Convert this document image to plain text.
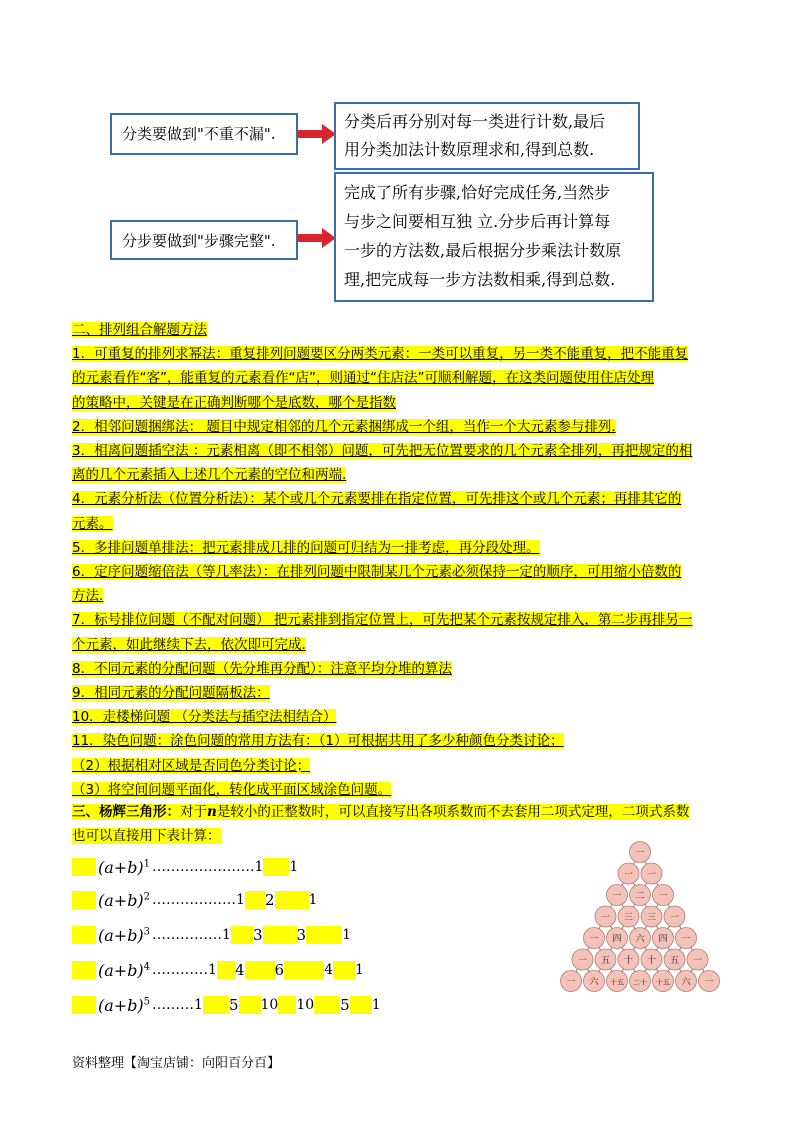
分类要做到"不重不漏".
分类后再分别对每一类进行计数,最后
用分类加法计数原理求和,得到总数.
分步要做到"步骤完整".
完成了所有步骤,恰好完成任务,当然步
与步之间要相互独 立.分步后再计算每
一步的方法数,最后根据分步乘法计数原
理,把完成每一步方法数相乘,得到总数.
二、排列组合解题方法
1．可重复的排列求幂法：重复排列问题要区分两类元素：一类可以重复，另一类不能重复，把不能重复
的元素看作“客”，能重复的元素看作“店”，则通过“住店法”可顺利解题，在这类问题使用住店处理
的策略中，关键是在正确判断哪个是底数，哪个是指数
2．相邻问题捆绑法： 题目中规定相邻的几个元素捆绑成一个组，当作一个大元素参与排列.
3．相离问题插空法 ：元素相离（即不相邻）问题，可先把无位置要求的几个元素全排列，再把规定的相
离的几个元素插入上述几个元素的空位和两端.
4．元素分析法（位置分析法）：某个或几个元素要排在指定位置，可先排这个或几个元素；再排其它的
元素。
5．多排问题单排法：把元素排成几排的问题可归结为一排考虑，再分段处理。
6．定序问题缩倍法（等几率法）：在排列问题中限制某几个元素必须保持一定的顺序，可用缩小倍数的
方法.
7．标号排位问题（不配对问题） 把元素排到指定位置上，可先把某个元素按规定排入，第二步再排另一
个元素，如此继续下去，依次即可完成.
8．不同元素的分配问题（先分堆再分配）：注意平均分堆的算法
9．相同元素的分配问题隔板法：
10．走楼梯问题 （分类法与插空法相结合）
11．染色问题：涂色问题的常用方法有：（1）可根据共用了多少种颜色分类讨论；
（2）根据相对区域是否同色分类讨论；
（3）将空间问题平面化，转化成平面区域涂色问题。
三、杨辉三角形：对于n是较小的正整数时，可以直接写出各项系数而不去套用二项式定理，二项式系数
也可以直接用下表计算：
$(a+b)^1$ …………………. 1 1
$(a+b)^2$ ……………… 1 2 1
$(a+b)^3$ …………… 1 3 3	1
$(a+b)^4$ ………… 1 4 6	4 1
$(a+b)^5$ ……… 1 5 10 10 5 1
一
一 一
一 二 一
一 三 三 一
一 四 六 四 一
一 五 十 十 五 一
一 六 十五 二十 十五 六 一
资料整理【淘宝店铺：向阳百分百】
